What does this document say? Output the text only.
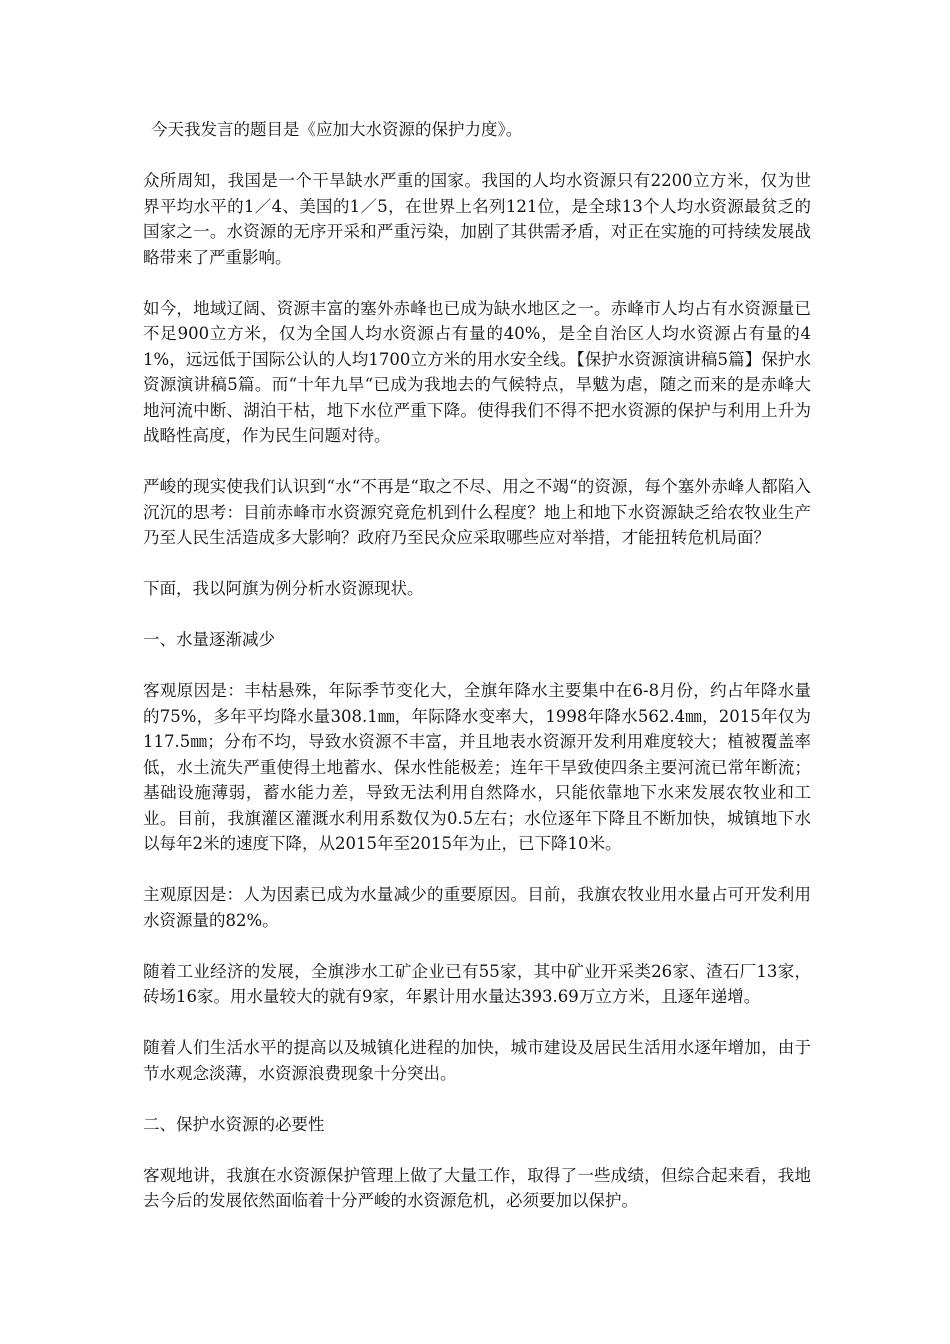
今天我发言的题目是《应加大水资源的保护力度》。

众所周知，我国是一个干旱缺水严重的国家。我国的人均水资源只有2200立方米，仅为世界平均水平的1／4、美国的1／5，在世界上名列121位，是全球13个人均水资源最贫乏的国家之一。水资源的无序开采和严重污染，加剧了其供需矛盾，对正在实施的可持续发展战略带来了严重影响。

如今，地域辽阔、资源丰富的塞外赤峰也已成为缺水地区之一。赤峰市人均占有水资源量已不足900立方米，仅为全国人均水资源占有量的40%，是全自治区人均水资源占有量的41%，远远低于国际公认的人均1700立方米的用水安全线。【保护水资源演讲稿5篇】保护水资源演讲稿5篇。而“十年九旱“已成为我地去的气候特点，旱魃为虐，随之而来的是赤峰大地河流中断、湖泊干枯，地下水位严重下降。使得我们不得不把水资源的保护与利用上升为战略性高度，作为民生问题对待。

严峻的现实使我们认识到“水“不再是“取之不尽、用之不竭“的资源，每个塞外赤峰人都陷入沉沉的思考：目前赤峰市水资源究竟危机到什么程度？地上和地下水资源缺乏给农牧业生产乃至人民生活造成多大影响？政府乃至民众应采取哪些应对举措，才能扭转危机局面？

下面，我以阿旗为例分析水资源现状。

一、水量逐渐减少

客观原因是：丰枯悬殊，年际季节变化大，全旗年降水主要集中在6-8月份，约占年降水量的75%，多年平均降水量308.1㎜，年际降水变率大，1998年降水562.4㎜，2015年仅为117.5㎜；分布不均，导致水资源不丰富，并且地表水资源开发利用难度较大；植被覆盖率低，水土流失严重使得土地蓄水、保水性能极差；连年干旱致使四条主要河流已常年断流；基础设施薄弱，蓄水能力差，导致无法利用自然降水，只能依靠地下水来发展农牧业和工业。目前，我旗灌区灌溉水利用系数仅为0.5左右；水位逐年下降且不断加快，城镇地下水以每年2米的速度下降，从2015年至2015年为止，已下降10米。

主观原因是：人为因素已成为水量减少的重要原因。目前，我旗农牧业用水量占可开发利用水资源量的82%。

随着工业经济的发展，全旗涉水工矿企业已有55家，其中矿业开采类26家、渣石厂13家，砖场16家。用水量较大的就有9家，年累计用水量达393.69万立方米，且逐年递增。

随着人们生活水平的提高以及城镇化进程的加快，城市建设及居民生活用水逐年增加，由于节水观念淡薄，水资源浪费现象十分突出。

二、保护水资源的必要性

客观地讲，我旗在水资源保护管理上做了大量工作，取得了一些成绩，但综合起来看，我地去今后的发展依然面临着十分严峻的水资源危机，必须要加以保护。
